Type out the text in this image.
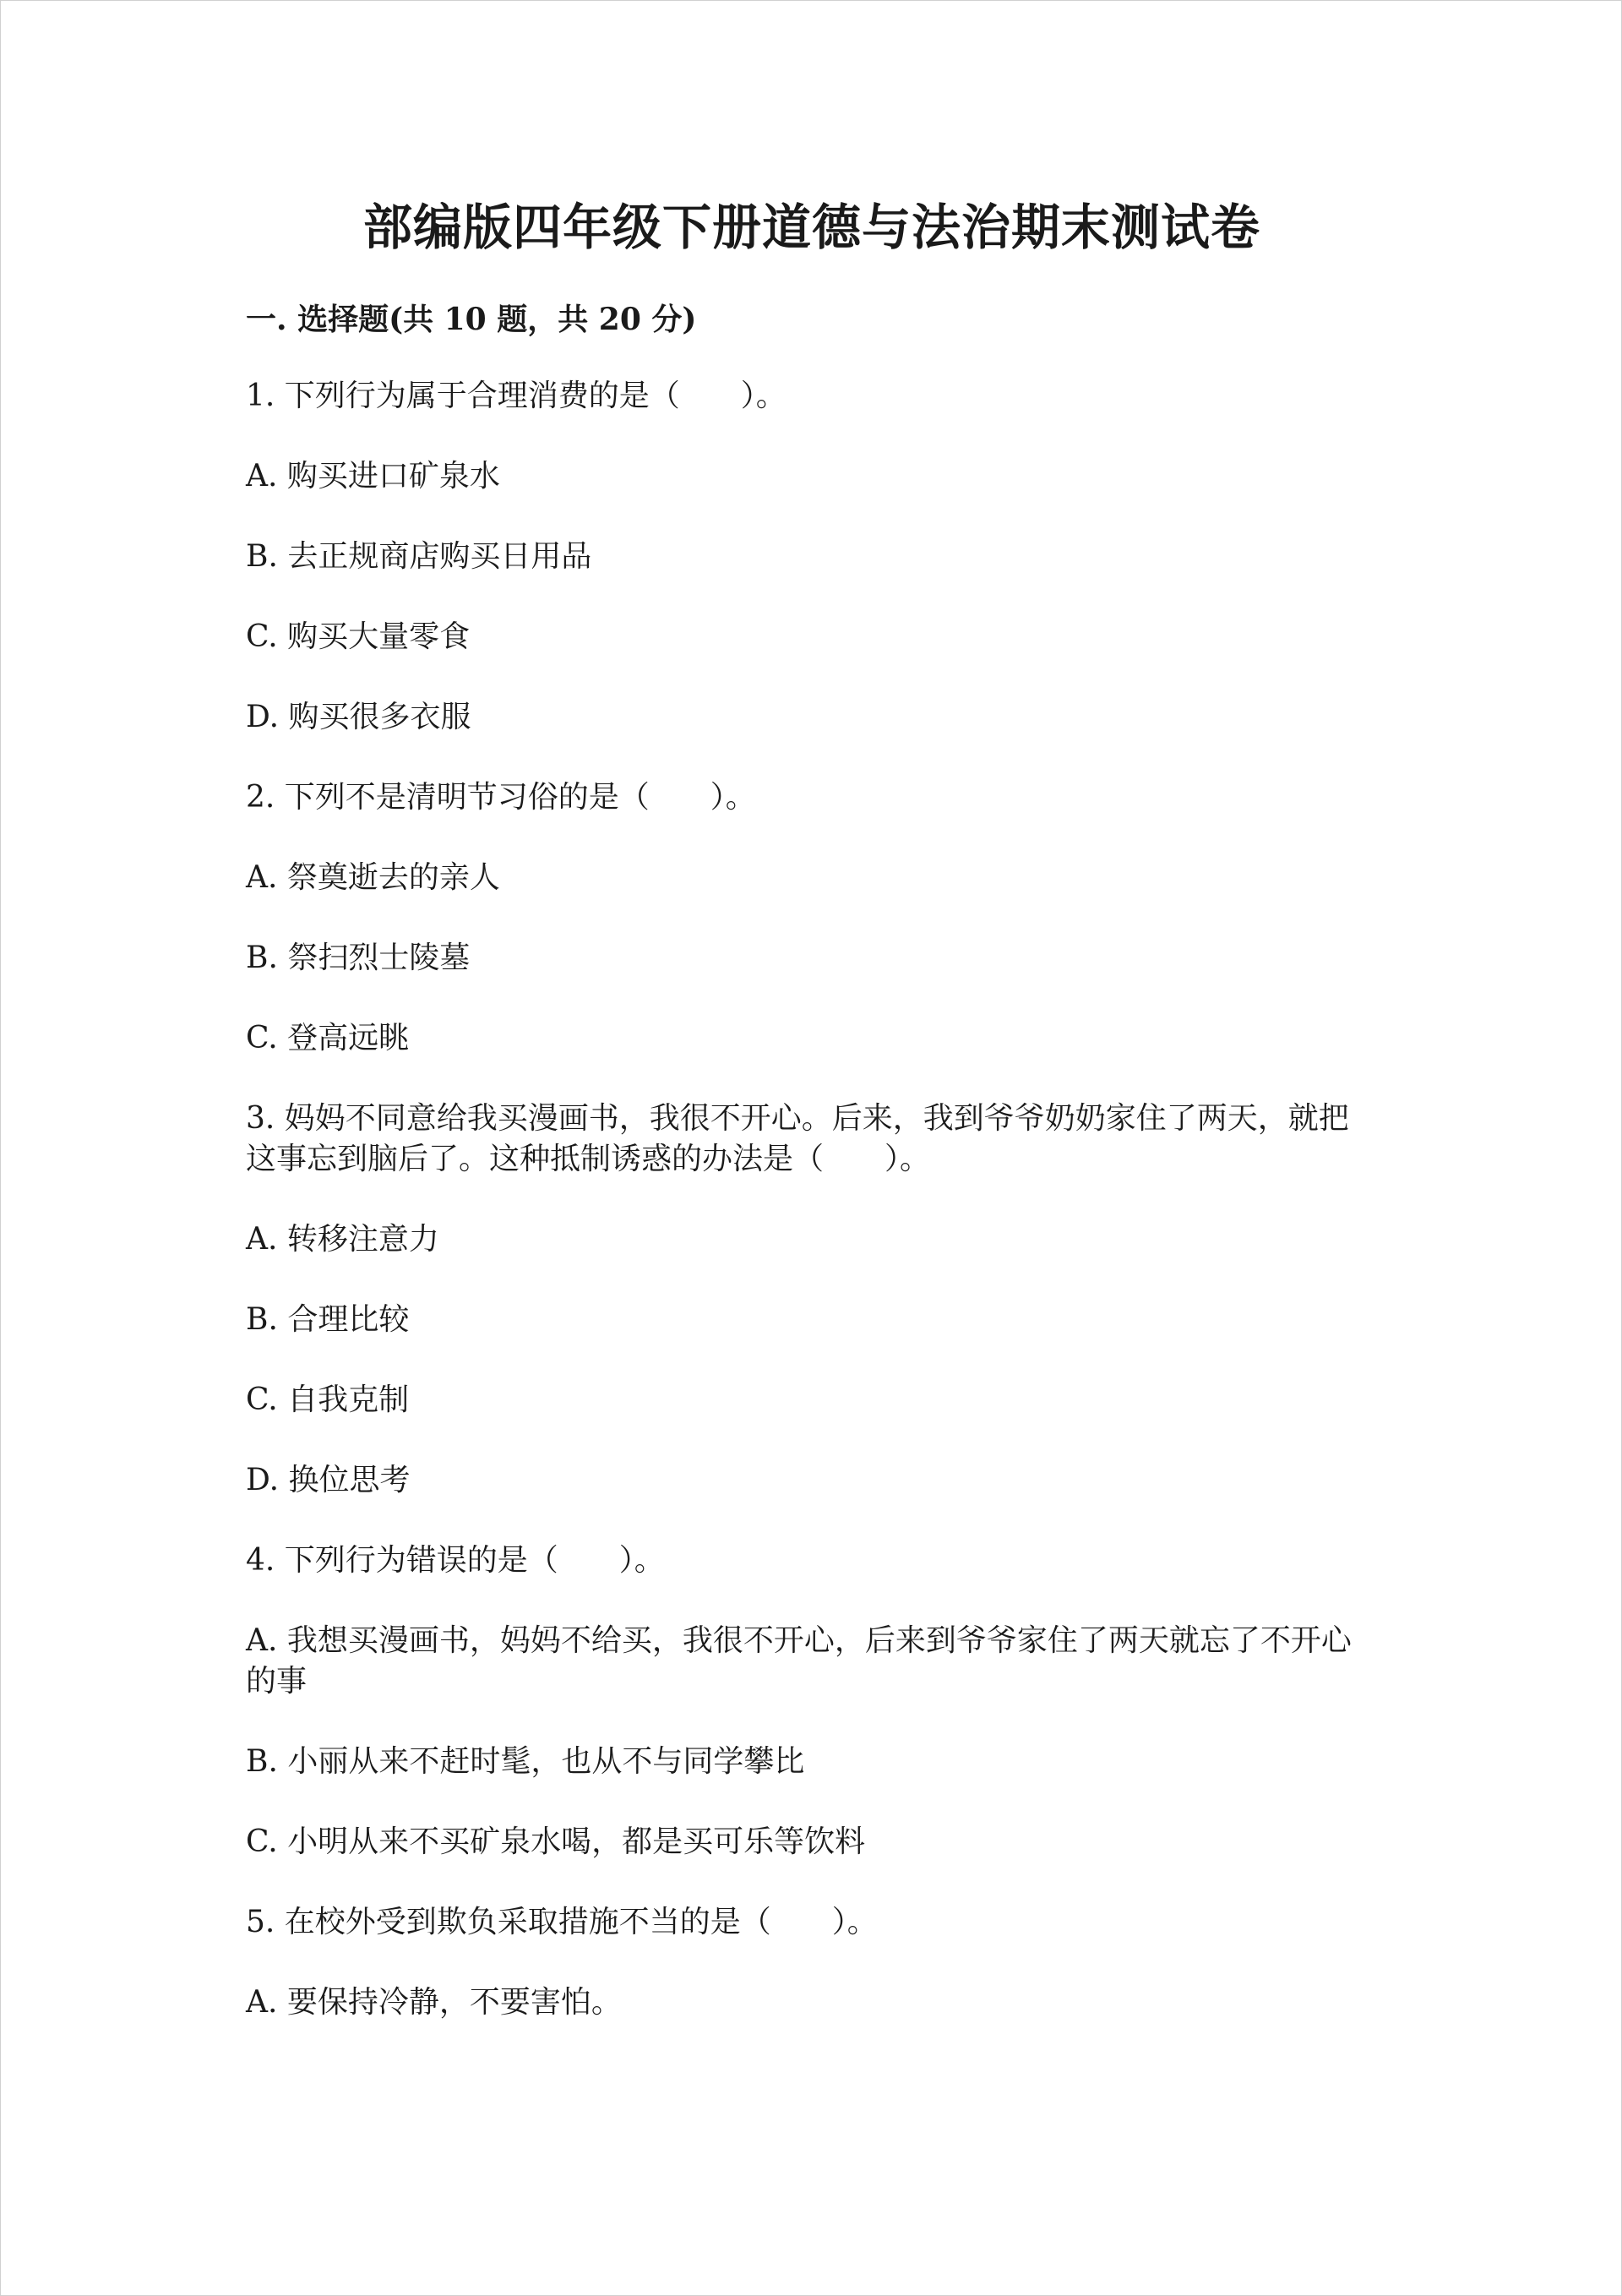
部编版四年级下册道德与法治期末测试卷
一. 选择题(共 10 题，共 20 分)

1. 下列行为属于合理消费的是（　　）。

A. 购买进口矿泉水

B. 去正规商店购买日用品

C. 购买大量零食

D. 购买很多衣服

2. 下列不是清明节习俗的是（　　）。

A. 祭奠逝去的亲人

B. 祭扫烈士陵墓

C. 登高远眺

3. 妈妈不同意给我买漫画书，我很不开心。后来，我到爷爷奶奶家住了两天，就把这事忘到脑后了。这种抵制诱惑的办法是（　　）。

A. 转移注意力

B. 合理比较

C. 自我克制

D. 换位思考

4. 下列行为错误的是（　　）。

A. 我想买漫画书，妈妈不给买，我很不开心，后来到爷爷家住了两天就忘了不开心的事

B. 小丽从来不赶时髦，也从不与同学攀比

C. 小明从来不买矿泉水喝，都是买可乐等饮料

5. 在校外受到欺负采取措施不当的是（　　）。

A. 要保持冷静，不要害怕。
